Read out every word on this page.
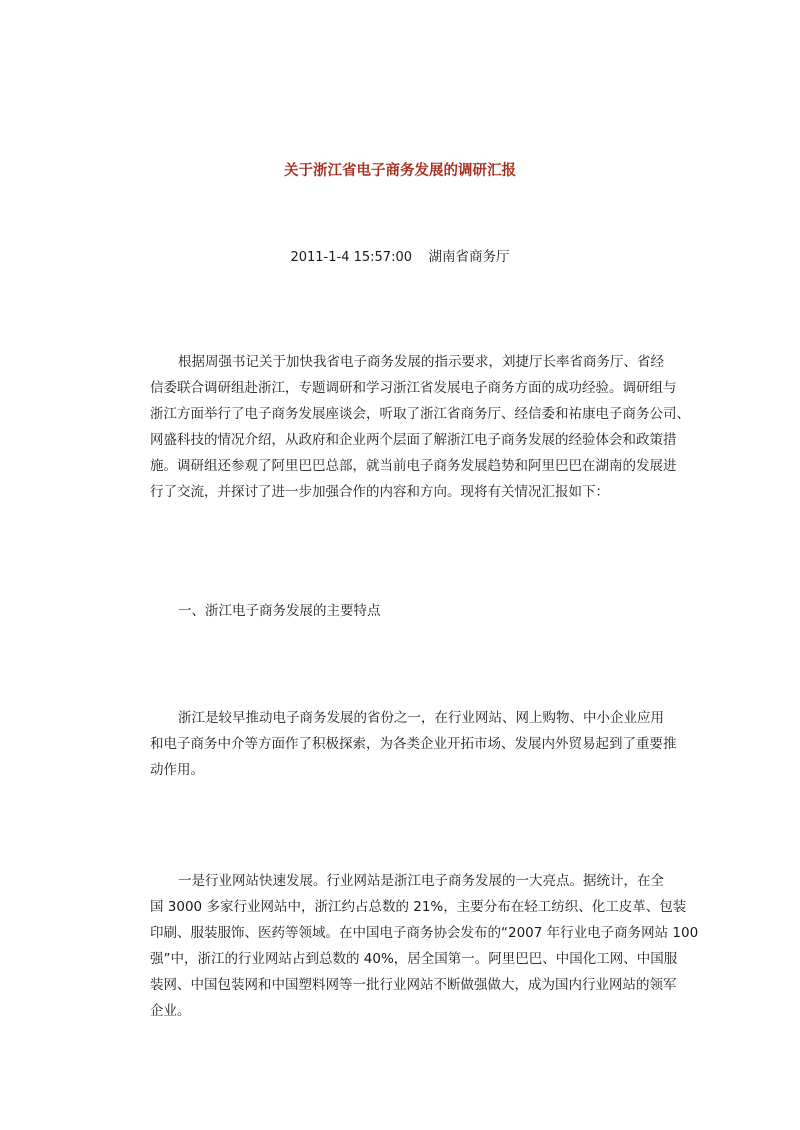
关于浙江省电子商务发展的调研汇报
2011-1-4 15:57:00 湖南省商务厅
根据周强书记关于加快我省电子商务发展的指示要求，刘捷厅长率省商务厅、省经
信委联合调研组赴浙江，专题调研和学习浙江省发展电子商务方面的成功经验。调研组与
浙江方面举行了电子商务发展座谈会，听取了浙江省商务厅、经信委和祐康电子商务公司、
网盛科技的情况介绍，从政府和企业两个层面了解浙江电子商务发展的经验体会和政策措
施。调研组还参观了阿里巴巴总部，就当前电子商务发展趋势和阿里巴巴在湖南的发展进
行了交流，并探讨了进一步加强合作的内容和方向。现将有关情况汇报如下：
一、浙江电子商务发展的主要特点
浙江是较早推动电子商务发展的省份之一，在行业网站、网上购物、中小企业应用
和电子商务中介等方面作了积极探索，为各类企业开拓市场、发展内外贸易起到了重要推
动作用。
一是行业网站快速发展。行业网站是浙江电子商务发展的一大亮点。据统计，在全
国 3000 多家行业网站中，浙江约占总数的 21%，主要分布在轻工纺织、化工皮革、包装
印刷、服装服饰、医药等领域。在中国电子商务协会发布的“2007 年行业电子商务网站 100
强”中，浙江的行业网站占到总数的 40%，居全国第一。阿里巴巴、中国化工网、中国服
装网、中国包装网和中国塑料网等一批行业网站不断做强做大，成为国内行业网站的领军
企业。
